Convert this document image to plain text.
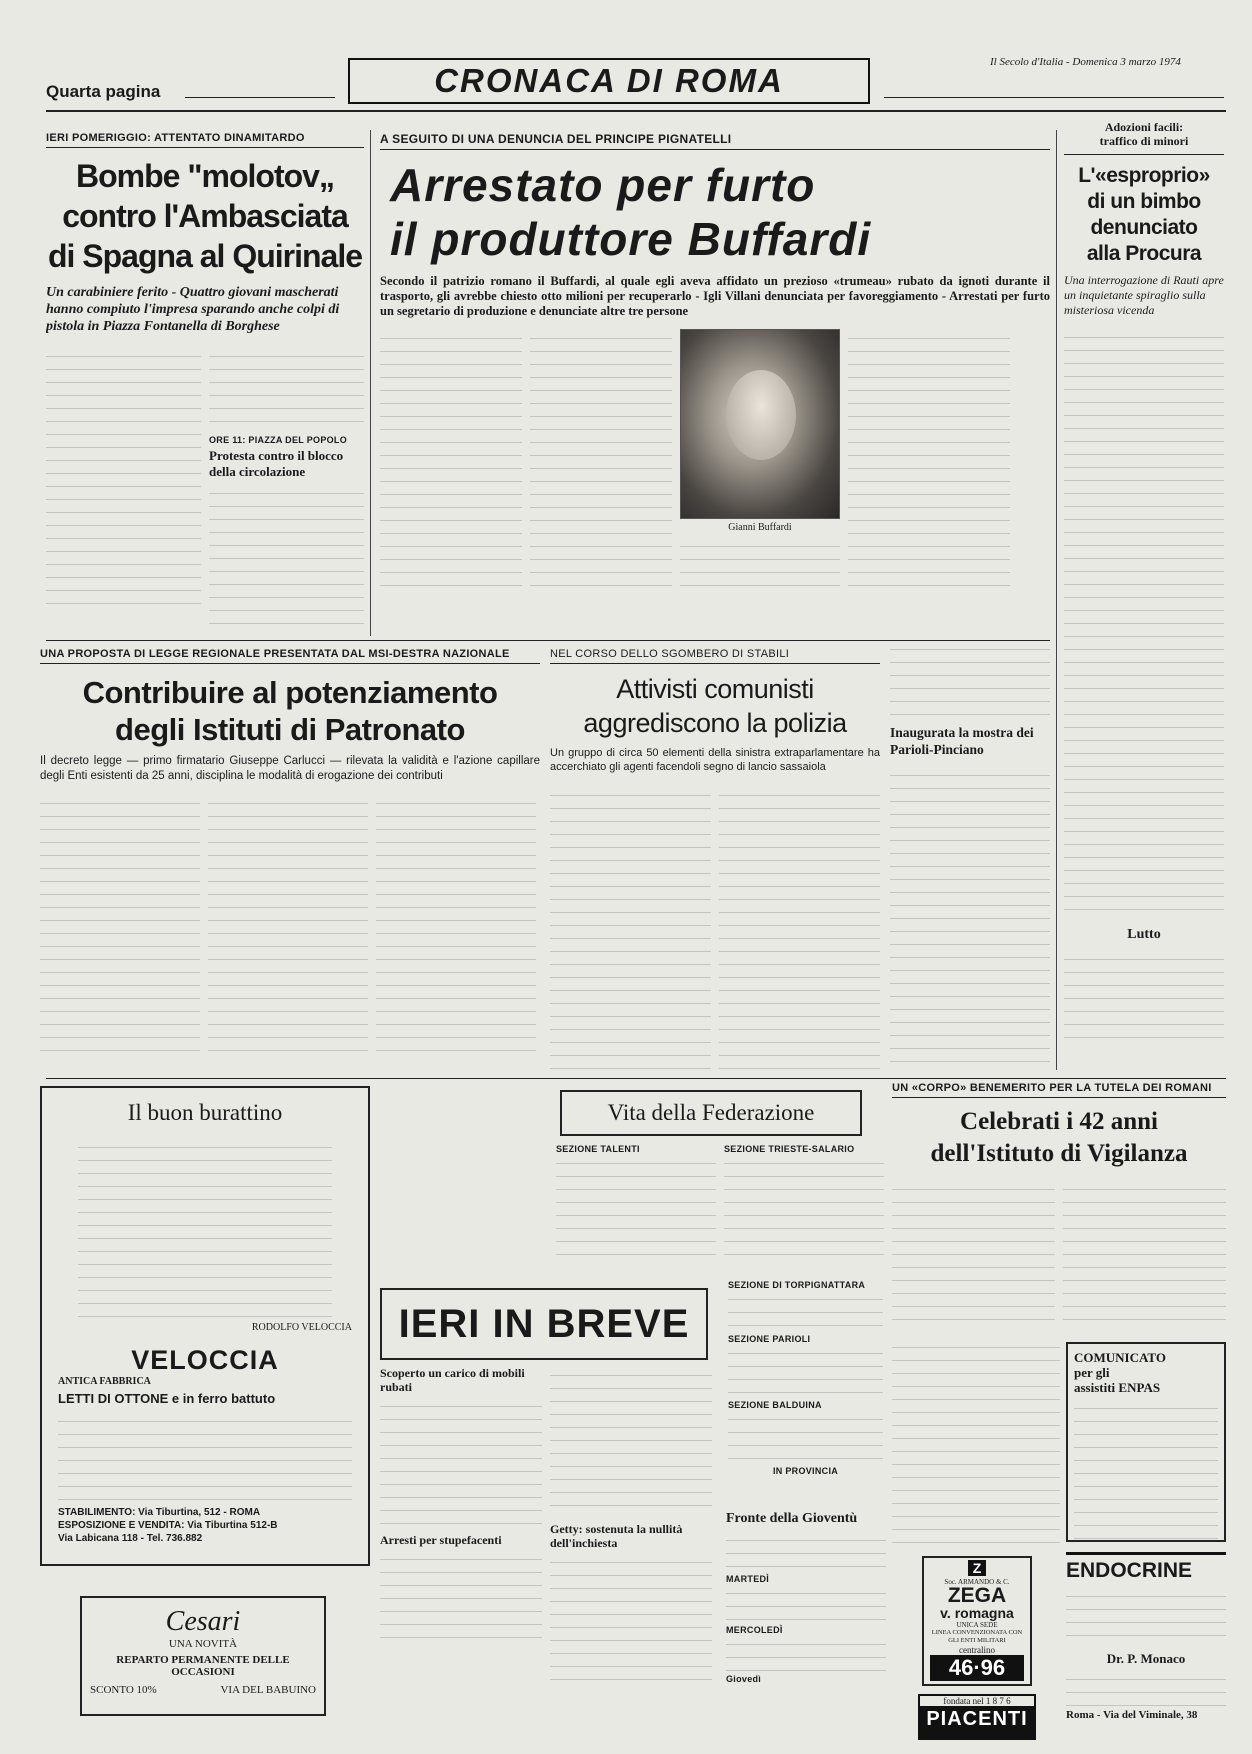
Quarta pagina	CRONACA DI ROMA	Il Secolo d'Italia - Domenica 3 marzo 1974
IERI POMERIGGIO: ATTENTATO DINAMITARDO
Bombe "molotov„
contro l'Ambasciata
di Spagna al Quirinale
Un carabiniere ferito - Quattro giovani mascherati hanno compiuto l'impresa sparando anche colpi di pistola in Piazza Fontanella di Borghese
ORE 11: PIAZZA DEL POPOLO
Protesta contro il blocco della circolazione
A SEGUITO DI UNA DENUNCIA DEL PRINCIPE PIGNATELLI
Arrestato per furto
il produttore Buffardi
Secondo il patrizio romano il Buffardi, al quale egli aveva affidato un prezioso «trumeau» rubato da ignoti durante il trasporto, gli avrebbe chiesto otto milioni per recuperarlo - Igli Villani denunciata per favoreggiamento - Arrestati per furto un segretario di produzione e denunciate altre tre persone
Gianni Buffardi
Adozioni facili:
traffico di minori
L'«esproprio»
di un bimbo
denunciato
alla Procura
Una interrogazione di Rauti apre un inquietante spiraglio sulla misteriosa vicenda
Lutto
UNA PROPOSTA DI LEGGE REGIONALE PRESENTATA DAL MSI-DESTRA NAZIONALE
Contribuire al potenziamento
degli Istituti di Patronato
Il decreto legge — primo firmatario Giuseppe Carlucci — rilevata la validità e l'azione capillare degli Enti esistenti da 25 anni, disciplina le modalità di erogazione dei contributi
NEL CORSO DELLO SGOMBERO DI STABILI
Attivisti comunisti
aggrediscono la polizia
Un gruppo di circa 50 elementi della sinistra extraparlamentare ha accerchiato gli agenti facendoli segno di lancio sassaiola
Inaugurata la mostra dei Parioli-Pinciano
Il buon burattino
RODOLFO VELOCCIA
VELOCCIA
ANTICA FABBRICA
LETTI DI OTTONE e in ferro battuto
STABILIMENTO: Via Tiburtina, 512 - ROMA
ESPOSIZIONE E VENDITA: Via Tiburtina 512-B
Via Labicana 118 - Tel. 736.882
Cesari
UNA NOVITÀ
REPARTO PERMANENTE DELLE OCCASIONI
SCONTO 10%	VIA DEL BABUINO
Vita della Federazione
SEZIONE TALENTI	SEZIONE TRIESTE-SALARIO
SEZIONE DI TORPIGNATTARA
SEZIONE PARIOLI
SEZIONE BALDUINA
IN PROVINCIA
IERI IN BREVE
Scoperto un carico di mobili rubati
Arresti per stupefacenti
Getty: sostenuta la nullità dell'inchiesta
Fronte della Gioventù
MARTEDÌ
MERCOLEDÌ
Giovedì
UN «CORPO» BENEMERITO PER LA TUTELA DEI ROMANI
Celebrati i 42 anni
dell'Istituto di Vigilanza
COMUNICATO
per gli
assistiti ENPAS
Z
Soc. ARMANDO & C.
ZEGA
v. romagna
UNICA SEDE
LINEA CONVENZIONATA CON GLI ENTI MILITARI
centralino
46·96
fondata nel 1 8 7 6
PIACENTI
ENDOCRINE
Dr. P. Monaco
Roma - Via del Viminale, 38
